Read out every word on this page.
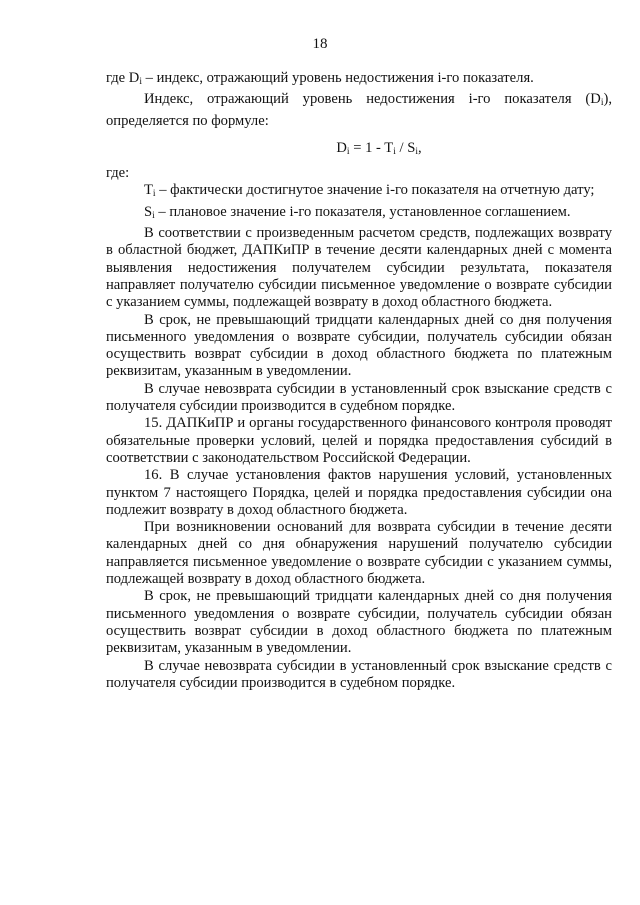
18

где $D_i$ – индекс, отражающий уровень недостижения i-го показателя.

Индекс, отражающий уровень недостижения i-го показателя $(D_i)$, определяется по формуле:

$D_i = 1 - T_i / S_i$,

где:

$T_i$ – фактически достигнутое значение i-го показателя на отчетную дату;

$S_i$ – плановое значение i-го показателя, установленное соглашением.

В соответствии с произведенным расчетом средств, подлежащих возврату в областной бюджет, ДАПКиПР в течение десяти календарных дней с момента выявления недостижения получателем субсидии результата, показателя направляет получателю субсидии письменное уведомление о возврате субсидии с указанием суммы, подлежащей возврату в доход областного бюджета.

В срок, не превышающий тридцати календарных дней со дня получения письменного уведомления о возврате субсидии, получатель субсидии обязан осуществить возврат субсидии в доход областного бюджета по платежным реквизитам, указанным в уведомлении.

В случае невозврата субсидии в установленный срок взыскание средств с получателя субсидии производится в судебном порядке.

15. ДАПКиПР и органы государственного финансового контроля проводят обязательные проверки условий, целей и порядка предоставления субсидий в соответствии с законодательством Российской Федерации.

16. В случае установления фактов нарушения условий, установленных пунктом 7 настоящего Порядка, целей и порядка предоставления субсидии она подлежит возврату в доход областного бюджета.

При возникновении оснований для возврата субсидии в течение десяти календарных дней со дня обнаружения нарушений получателю субсидии направляется письменное уведомление о возврате субсидии с указанием суммы, подлежащей возврату в доход областного бюджета.

В срок, не превышающий тридцати календарных дней со дня получения письменного уведомления о возврате субсидии, получатель субсидии обязан осуществить возврат субсидии в доход областного бюджета по платежным реквизитам, указанным в уведомлении.

В случае невозврата субсидии в установленный срок взыскание средств с получателя субсидии производится в судебном порядке.
